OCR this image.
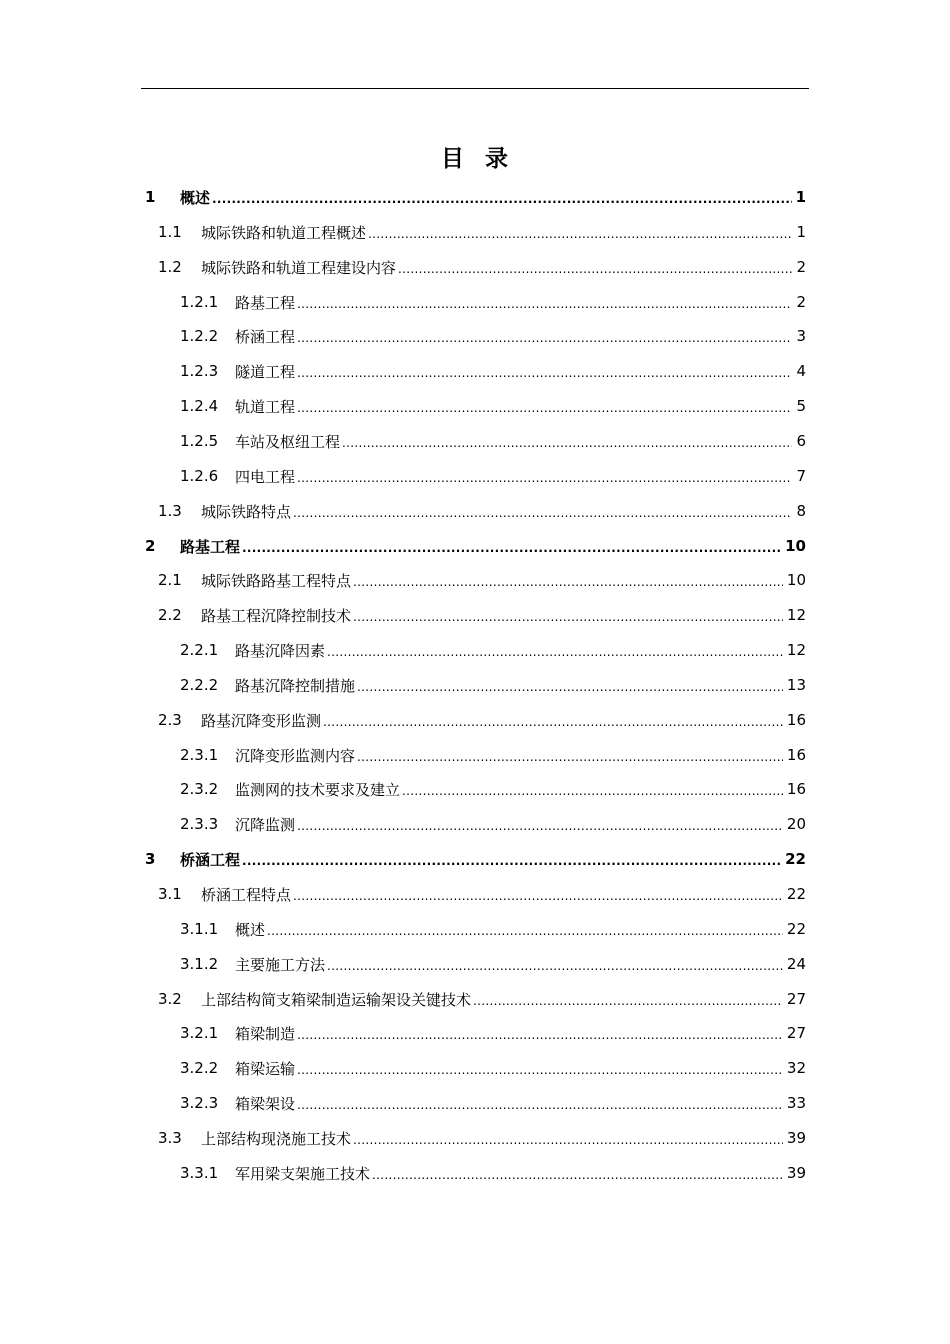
目 录
1	概述 .....	1
1.1	城际铁路和轨道工程概述 .....	1
1.2	城际铁路和轨道工程建设内容 .....	2
1.2.1	路基工程 .....	2
1.2.2	桥涵工程 .....	3
1.2.3	隧道工程 .....	4
1.2.4	轨道工程 .....	5
1.2.5	车站及枢纽工程 .....	6
1.2.6	四电工程 .....	7
1.3	城际铁路特点 .....	8
2	路基工程 .....	10
2.1	城际铁路路基工程特点 .....	10
2.2	路基工程沉降控制技术 .....	12
2.2.1	路基沉降因素 .....	12
2.2.2	路基沉降控制措施 .....	13
2.3	路基沉降变形监测 .....	16
2.3.1	沉降变形监测内容 .....	16
2.3.2	监测网的技术要求及建立 .....	16
2.3.3	沉降监测 .....	20
3	桥涵工程 .....	22
3.1	桥涵工程特点 .....	22
3.1.1	概述 .....	22
3.1.2	主要施工方法 .....	24
3.2	上部结构简支箱梁制造运输架设关键技术 .....	27
3.2.1	箱梁制造 .....	27
3.2.2	箱梁运输 .....	32
3.2.3	箱梁架设 .....	33
3.3	上部结构现浇施工技术 .....	39
3.3.1	军用梁支架施工技术 .....	39
